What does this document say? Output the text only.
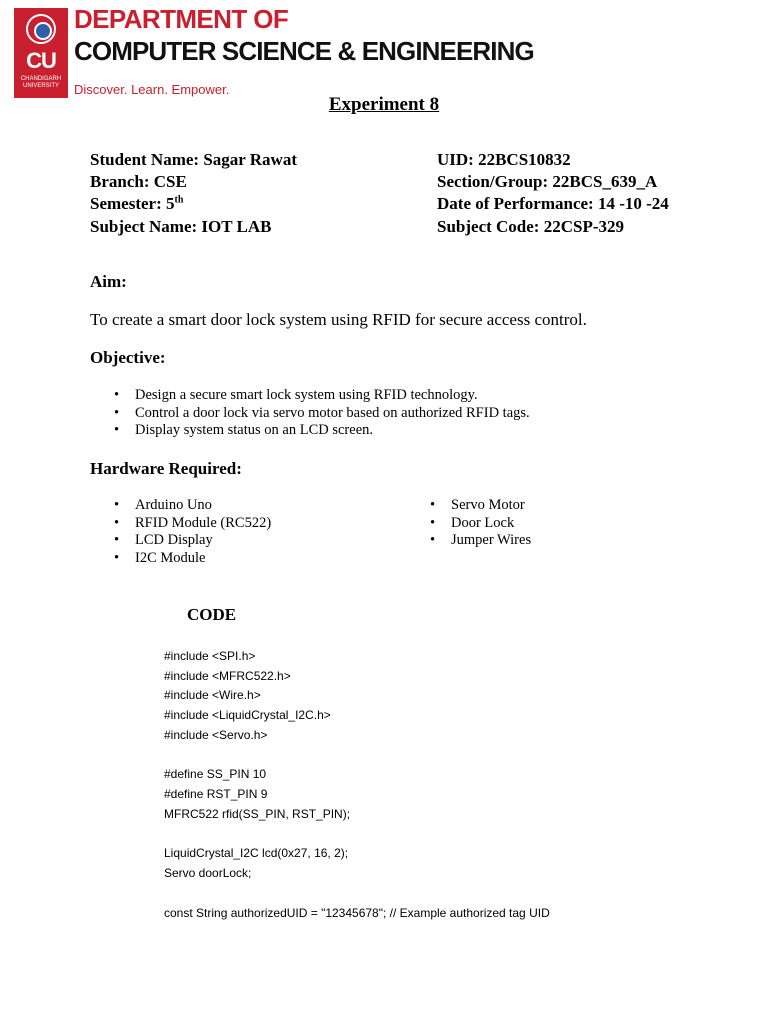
CU
CHANDIGARH UNIVERSITY
DEPARTMENT OF
COMPUTER SCIENCE & ENGINEERING
Discover. Learn. Empower.
Experiment 8
Student Name: Sagar Rawat	UID: 22BCS10832
Branch: CSE	Section/Group: 22BCS_639_A
Semester: 5th	Date of Performance: 14 -10 -24
Subject Name: IOT LAB	Subject Code: 22CSP-329
Aim:
To create a smart door lock system using RFID for secure access control.
Objective:
• Design a secure smart lock system using RFID technology.
• Control a door lock via servo motor based on authorized RFID tags.
• Display system status on an LCD screen.
Hardware Required:
• Arduino Uno
• RFID Module (RC522)
• LCD Display
• I2C Module
• Servo Motor
• Door Lock
• Jumper Wires
CODE
#include <SPI.h>
#include <MFRC522.h>
#include <Wire.h>
#include <LiquidCrystal_I2C.h>
#include <Servo.h>
#define SS_PIN 10
#define RST_PIN 9
MFRC522 rfid(SS_PIN, RST_PIN);
LiquidCrystal_I2C lcd(0x27, 16, 2);
Servo doorLock;
const String authorizedUID = "12345678"; // Example authorized tag UID
